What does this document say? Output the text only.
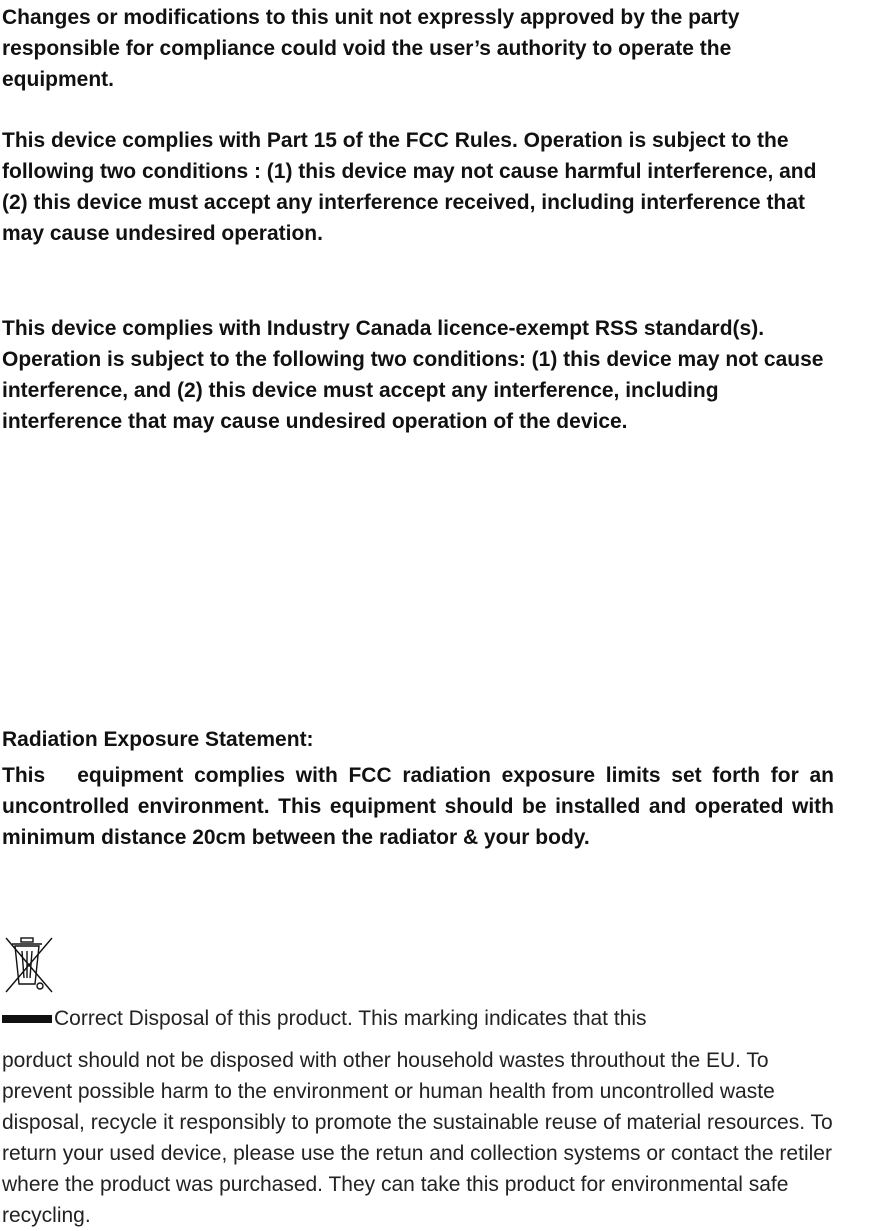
Changes or modifications to this unit not expressly approved by the party responsible for compliance could void the user’s authority to operate the equipment.

This device complies with Part 15 of the FCC Rules. Operation is subject to the following two conditions : (1) this device may not cause harmful interference, and (2) this device must accept any interference received, including interference that may cause undesired operation.

This device complies with Industry Canada licence-exempt RSS standard(s). Operation is subject to the following two conditions: (1) this device may not cause interference, and (2) this device must accept any interference, including interference that may cause undesired operation of the device.

Radiation Exposure Statement:

This   equipment complies with FCC radiation exposure limits set forth for an uncontrolled environment. This equipment should be installed and operated with minimum distance 20cm between the radiator & your body.

Correct Disposal of this product. This marking indicates that this

porduct should not be disposed with other household wastes throuthout the EU. To prevent possible harm to the environment or human health from uncontrolled waste disposal, recycle it responsibly to promote the sustainable reuse of material resources. To return your used device, please use the retun and collection systems or contact the retiler where the product was purchased. They can take this product for environmental safe recycling.
